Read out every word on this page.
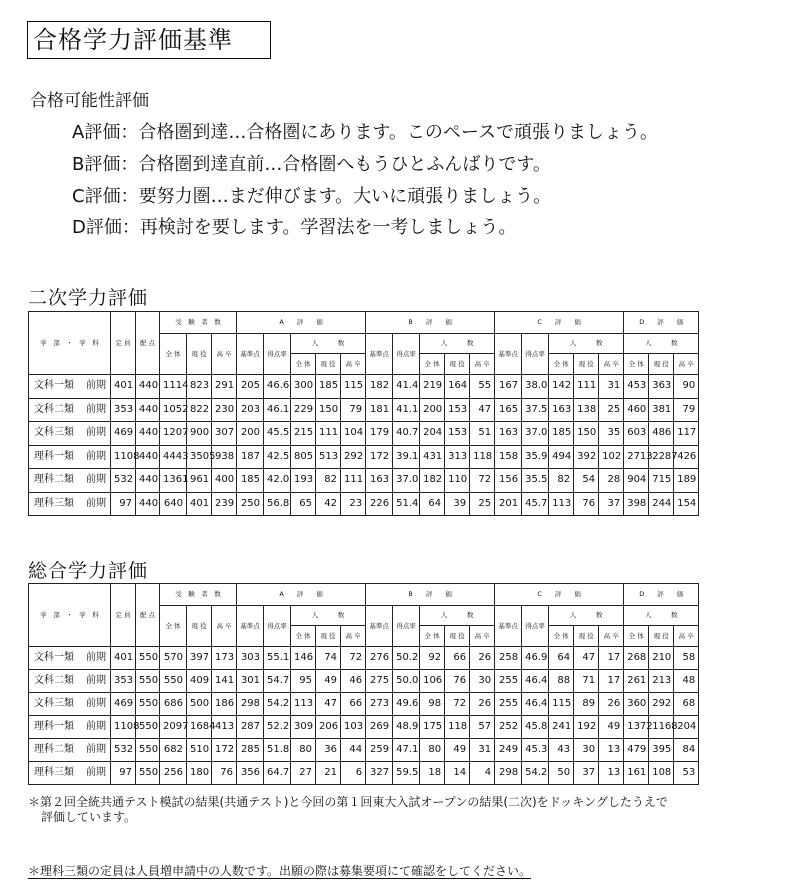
合格学力評価基準
合格可能性評価
A評価：合格圏到達…合格圏にあります。このペースで頑張りましょう。
B評価：合格圏到達直前…合格圏へもうひとふんばりです。
C評価：要努力圏…まだ伸びます。大いに頑張りましょう。
D評価：再検討を要します。学習法を一考しましょう。
二次学力評価
学　部　・　学　科	定 員	配 点	受　験　者　数			A　　評　　価					B　　評　　価					C　　評　　価					D　　評　　価		
			全 体	現 役	高 卒	基準点	得点率	人　　　数			基準点	得点率	人　　　数			基準点	得点率	人　　　数			人　　　数		
								全 体	現 役	高 卒			全 体	現 役	高 卒			全 体	現 役	高 卒	全 体	現 役	高 卒
文科一類 前期	401	440	1114	823	291	205	46.6	300	185	115	182	41.4	219	164	55	167	38.0	142	111	31	453	363	90
文科二類 前期	353	440	1052	822	230	203	46.1	229	150	79	181	41.1	200	153	47	165	37.5	163	138	25	460	381	79
文科三類 前期	469	440	1207	900	307	200	45.5	215	111	104	179	40.7	204	153	51	163	37.0	185	150	35	603	486	117
理科一類 前期	1108	440	4443	3505	938	187	42.5	805	513	292	172	39.1	431	313	118	158	35.9	494	392	102	2713	2287	426
理科二類 前期	532	440	1361	961	400	185	42.0	193	82	111	163	37.0	182	110	72	156	35.5	82	54	28	904	715	189
理科三類 前期	97	440	640	401	239	250	56.8	65	42	23	226	51.4	64	39	25	201	45.7	113	76	37	398	244	154
総合学力評価
学　部　・　学　科	定 員	配 点	受　験　者　数			A　　評　　価					B　　評　　価					C　　評　　価					D　　評　　価		
			全 体	現 役	高 卒	基準点	得点率	人　　　数			基準点	得点率	人　　　数			基準点	得点率	人　　　数			人　　　数		
								全 体	現 役	高 卒			全 体	現 役	高 卒			全 体	現 役	高 卒	全 体	現 役	高 卒
文科一類 前期	401	550	570	397	173	303	55.1	146	74	72	276	50.2	92	66	26	258	46.9	64	47	17	268	210	58
文科二類 前期	353	550	550	409	141	301	54.7	95	49	46	275	50.0	106	76	30	255	46.4	88	71	17	261	213	48
文科三類 前期	469	550	686	500	186	298	54.2	113	47	66	273	49.6	98	72	26	255	46.4	115	89	26	360	292	68
理科一類 前期	1108	550	2097	1684	413	287	52.2	309	206	103	269	48.9	175	118	57	252	45.8	241	192	49	1372	1168	204
理科二類 前期	532	550	682	510	172	285	51.8	80	36	44	259	47.1	80	49	31	249	45.3	43	30	13	479	395	84
理科三類 前期	97	550	256	180	76	356	64.7	27	21	6	327	59.5	18	14	4	298	54.2	50	37	13	161	108	53
＊第２回全統共通テスト模試の結果(共通テスト)と今回の第１回東大入試オープンの結果(二次)をドッキングしたうえで
評価しています。
＊理科三類の定員は人員増申請中の人数です。出願の際は募集要項にて確認をしてください。
